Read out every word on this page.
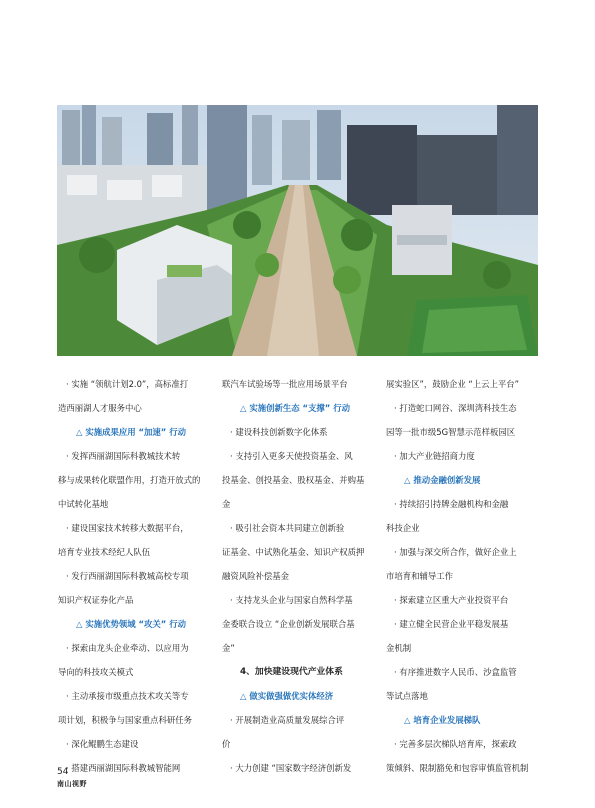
· 实施 “领航计划2.0”，高标准打

造西丽湖人才服务中心

△ 实施成果应用 “加速” 行动

· 发挥西丽湖国际科教城技术转

移与成果转化联盟作用，打造开放式的

中试转化基地

· 建设国家技术转移大数据平台，

培育专业技术经纪人队伍

· 发行西丽湖国际科教城高校专项

知识产权证券化产品

△ 实施优势领域 “攻关” 行动

· 探索由龙头企业牵动、以应用为

导向的科技攻关模式

· 主动承接市级重点技术攻关等专

项计划，积极争与国家重点科研任务

· 深化鲲鹏生态建设

· 搭建西丽湖国际科教城智能网

联汽车试验场等一批应用场景平台

△ 实施创新生态 “支撑” 行动

· 建设科技创新数字化体系

· 支持引入更多天使投资基金、风

投基金、创投基金、股权基金、并购基

金

· 吸引社会资本共同建立创新验

证基金、中试熟化基金、知识产权质押

融资风险补偿基金

· 支持龙头企业与国家自然科学基

金委联合设立 “企业创新发展联合基

金”

4、加快建设现代产业体系

△ 做实做强做优实体经济

· 开展制造业高质量发展综合评

价

· 大力创建 “国家数字经济创新发

展实验区”，鼓励企业 “上云上平台”

· 打造蛇口网谷、深圳湾科技生态

园等一批市级5G智慧示范样板园区

· 加大产业链招商力度

△ 推动金融创新发展

· 持续招引持牌金融机构和金融

科技企业

· 加强与深交所合作，做好企业上

市培育和辅导工作

· 探索建立区重大产业投资平台

· 建立健全民营企业平稳发展基

金机制

· 有序推进数字人民币、沙盒监管

等试点落地

△ 培育企业发展梯队

· 完善多层次梯队培育库，探索政

策倾斜、限制豁免和包容审慎监管机制

54
南山视野
